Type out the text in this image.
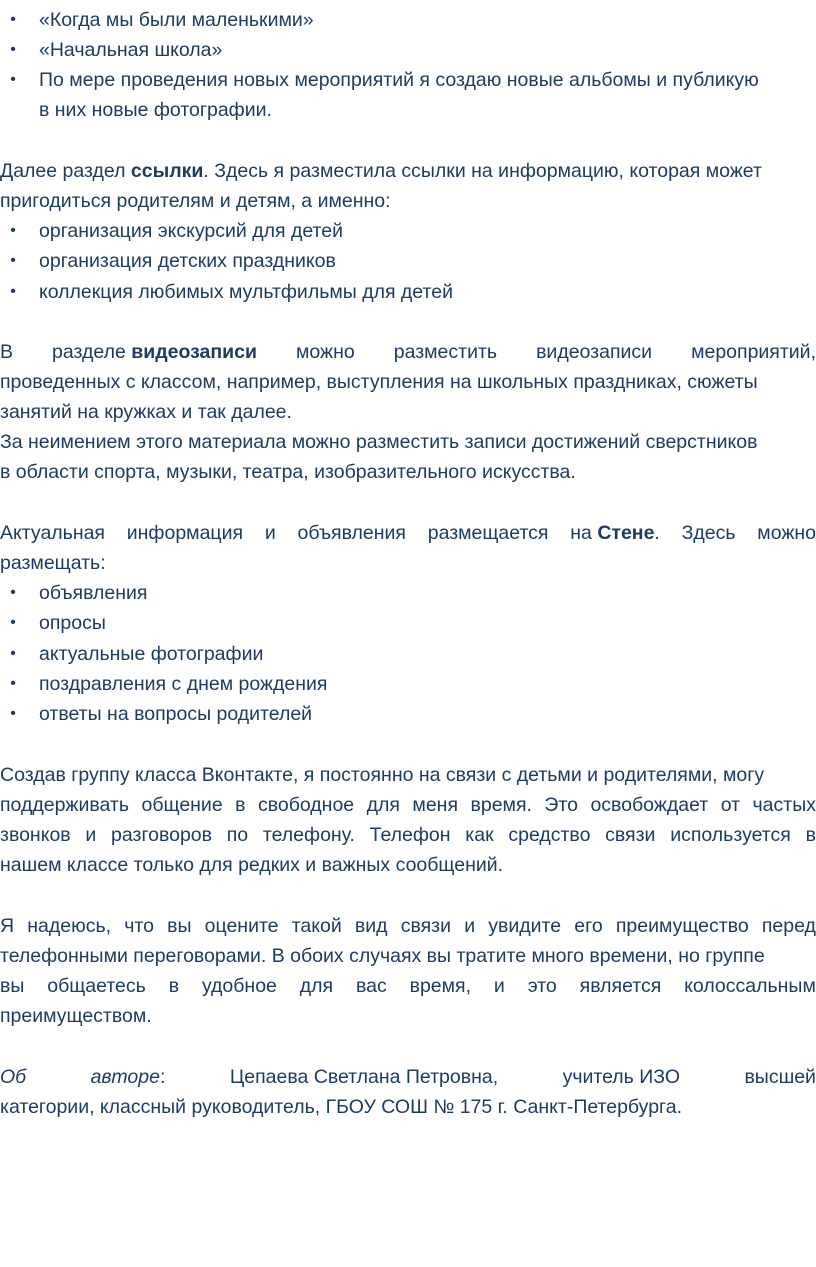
• «Когда мы были маленькими»
• «Начальная школа»
• По мере проведения новых мероприятий я создаю новые альбомы и публикую
в них новые фотографии.
Далее раздел ссылки. Здесь я разместила ссылки на информацию, которая может
пригодиться родителям и детям, а именно:
• организация экскурсий для детей
• организация детских праздников
• коллекция любимых мультфильмы для детей
В разделе видеозаписи можно разместить видеозаписи мероприятий,
проведенных с классом, например, выступления на школьных праздниках, сюжеты
занятий на кружках и так далее.
За неимением этого материала можно разместить записи достижений сверстников
в области спорта, музыки, театра, изобразительного искусства.
Актуальная информация и объявления размещается на Стене. Здесь можно
размещать:
• объявления
• опросы
• актуальные фотографии
• поздравления с днем рождения
• ответы на вопросы родителей
Создав группу класса Вконтакте, я постоянно на связи с детьми и родителями, могу
поддерживать общение в свободное для меня время. Это освобождает от частых
звонков и разговоров по телефону. Телефон как средство связи используется в
нашем классе только для редких и важных сообщений.
Я надеюсь, что вы оцените такой вид связи и увидите его преимущество перед
телефонными переговорами. В обоих случаях вы тратите много времени, но группе
вы общаетесь в удобное для вас время, и это является колоссальным
преимуществом.
Об	авторе:	Цепаева Светлана Петровна,	учитель ИЗО	высшей
категории, классный руководитель, ГБОУ СОШ № 175 г. Санкт-Петербурга.
